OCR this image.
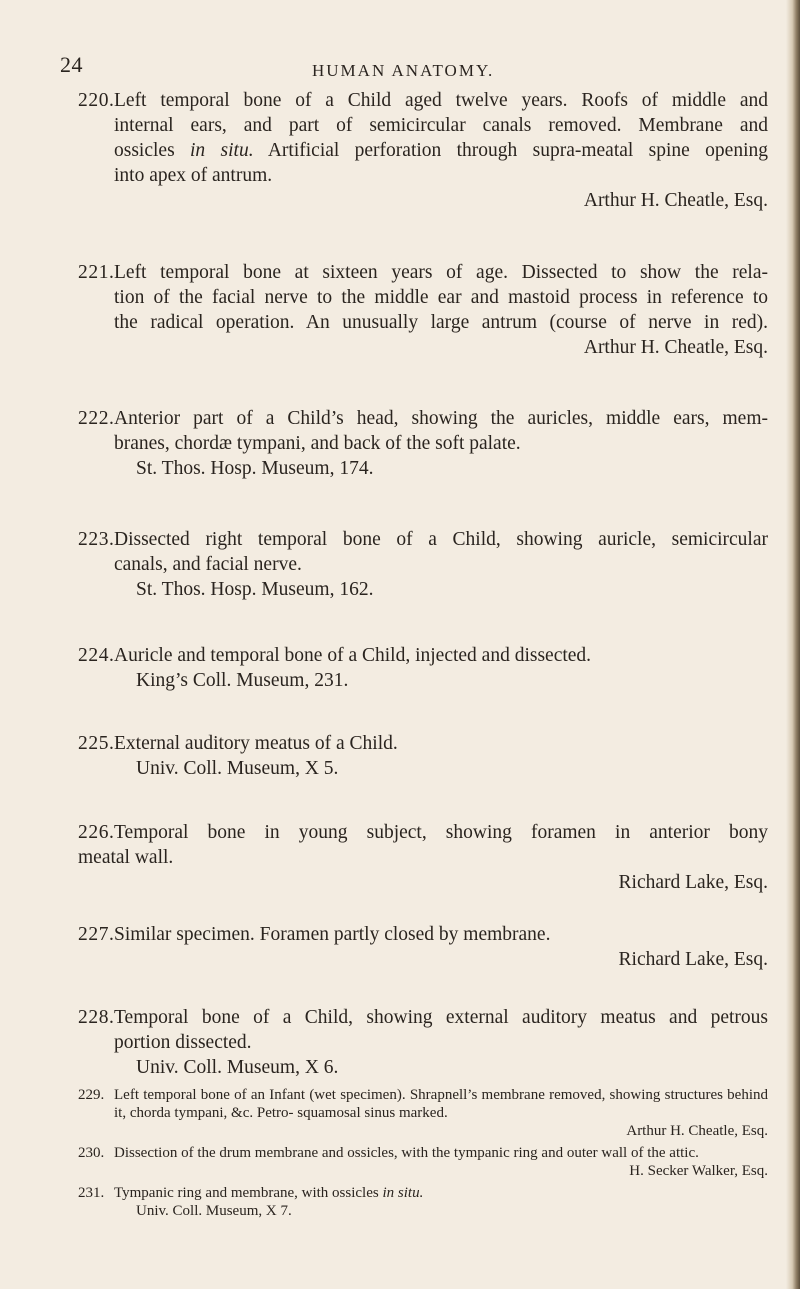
24	HUMAN ANATOMY.
220. Left temporal bone of a Child aged twelve years. Roofs of middle and
internal ears, and part of semicircular canals removed. Membrane and
ossicles in situ. Artificial perforation through supra-meatal spine opening
into apex of antrum.
Arthur H. Cheatle, Esq.
221. Left temporal bone at sixteen years of age. Dissected to show the rela-
tion of the facial nerve to the middle ear and mastoid process in reference to
the radical operation. An unusually large antrum (course of nerve in red).
Arthur H. Cheatle, Esq.
222. Anterior part of a Child’s head, showing the auricles, middle ears, mem-
branes, chordæ tympani, and back of the soft palate.
St. Thos. Hosp. Museum, 174.
223. Dissected right temporal bone of a Child, showing auricle, semicircular
canals, and facial nerve.
St. Thos. Hosp. Museum, 162.
224. Auricle and temporal bone of a Child, injected and dissected.
King’s Coll. Museum, 231.
225. External auditory meatus of a Child.
Univ. Coll. Museum, X 5.
226. Temporal bone in young subject, showing foramen in anterior bony
meatal wall.
Richard Lake, Esq.
227. Similar specimen. Foramen partly closed by membrane.
Richard Lake, Esq.
228. Temporal bone of a Child, showing external auditory meatus and petrous
portion dissected.
Univ. Coll. Museum, X 6.
229. Left temporal bone of an Infant (wet specimen). Shrapnell’s membrane removed, showing structures behind it, chorda tympani, &c. Petro- squamosal sinus marked.
Arthur H. Cheatle, Esq.
230. Dissection of the drum membrane and ossicles, with the tympanic ring and outer wall of the attic.
H. Secker Walker, Esq.
231. Tympanic ring and membrane, with ossicles in situ.
Univ. Coll. Museum, X 7.
